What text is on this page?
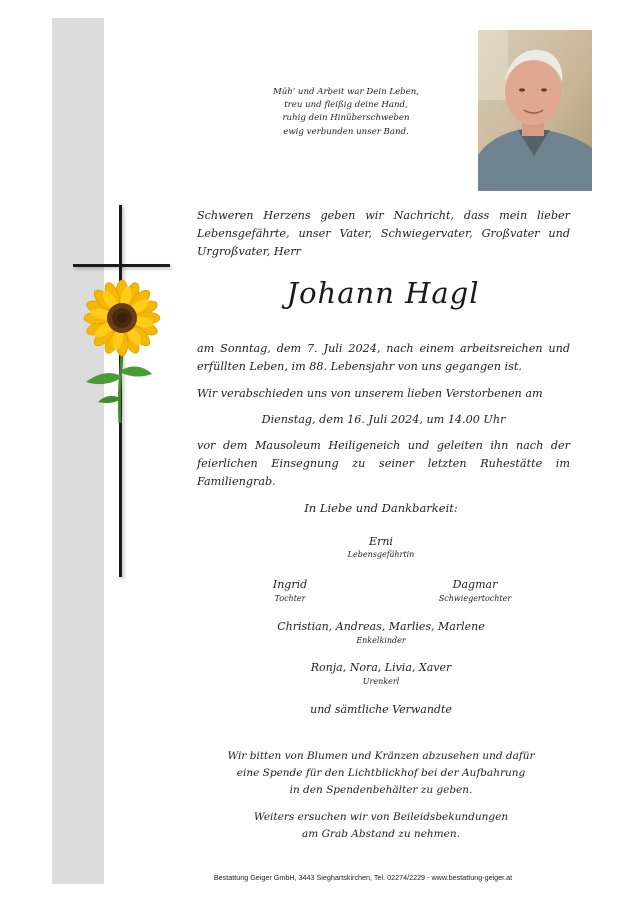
Müh' und Arbeit war Dein Leben,
treu und fleißig deine Hand,
ruhig dein Hinüberschweben
ewig verbunden unser Band.
Schweren Herzens geben wir Nachricht, dass mein lieber Lebensgefährte, unser Vater, Schwiegervater, Großvater und Urgroßvater, Herr
Johann Hagl
am Sonntag, dem 7. Juli 2024, nach einem arbeitsreichen und erfüllten Leben, im 88. Lebensjahr von uns gegangen ist.
Wir verabschieden uns von unserem lieben Verstorbenen am
Dienstag, dem 16. Juli 2024, um 14.00 Uhr
vor dem Mausoleum Heiligeneich und geleiten ihn nach der feierlichen Einsegnung zu seiner letzten Ruhestätte im Familiengrab.
In Liebe und Dankbarkeit:
Erni
Lebensgefährtin
Ingrid
Tochter
Dagmar
Schwiegertochter
Christian, Andreas, Marlies, Marlene
Enkelkinder
Ronja, Nora, Livia, Xaver
Urenkerl
und sämtliche Verwandte
Wir bitten von Blumen und Kränzen abzusehen und dafür
eine Spende für den Lichtblickhof bei der Aufbahrung
in den Spendenbehälter zu geben.
Weiters ersuchen wir von Beileidsbekundungen
am Grab Abstand zu nehmen.
Bestattung Geiger GmbH, 3443 Sieghartskirchen, Tel. 02274/2229 - www.bestattung-geiger.at
